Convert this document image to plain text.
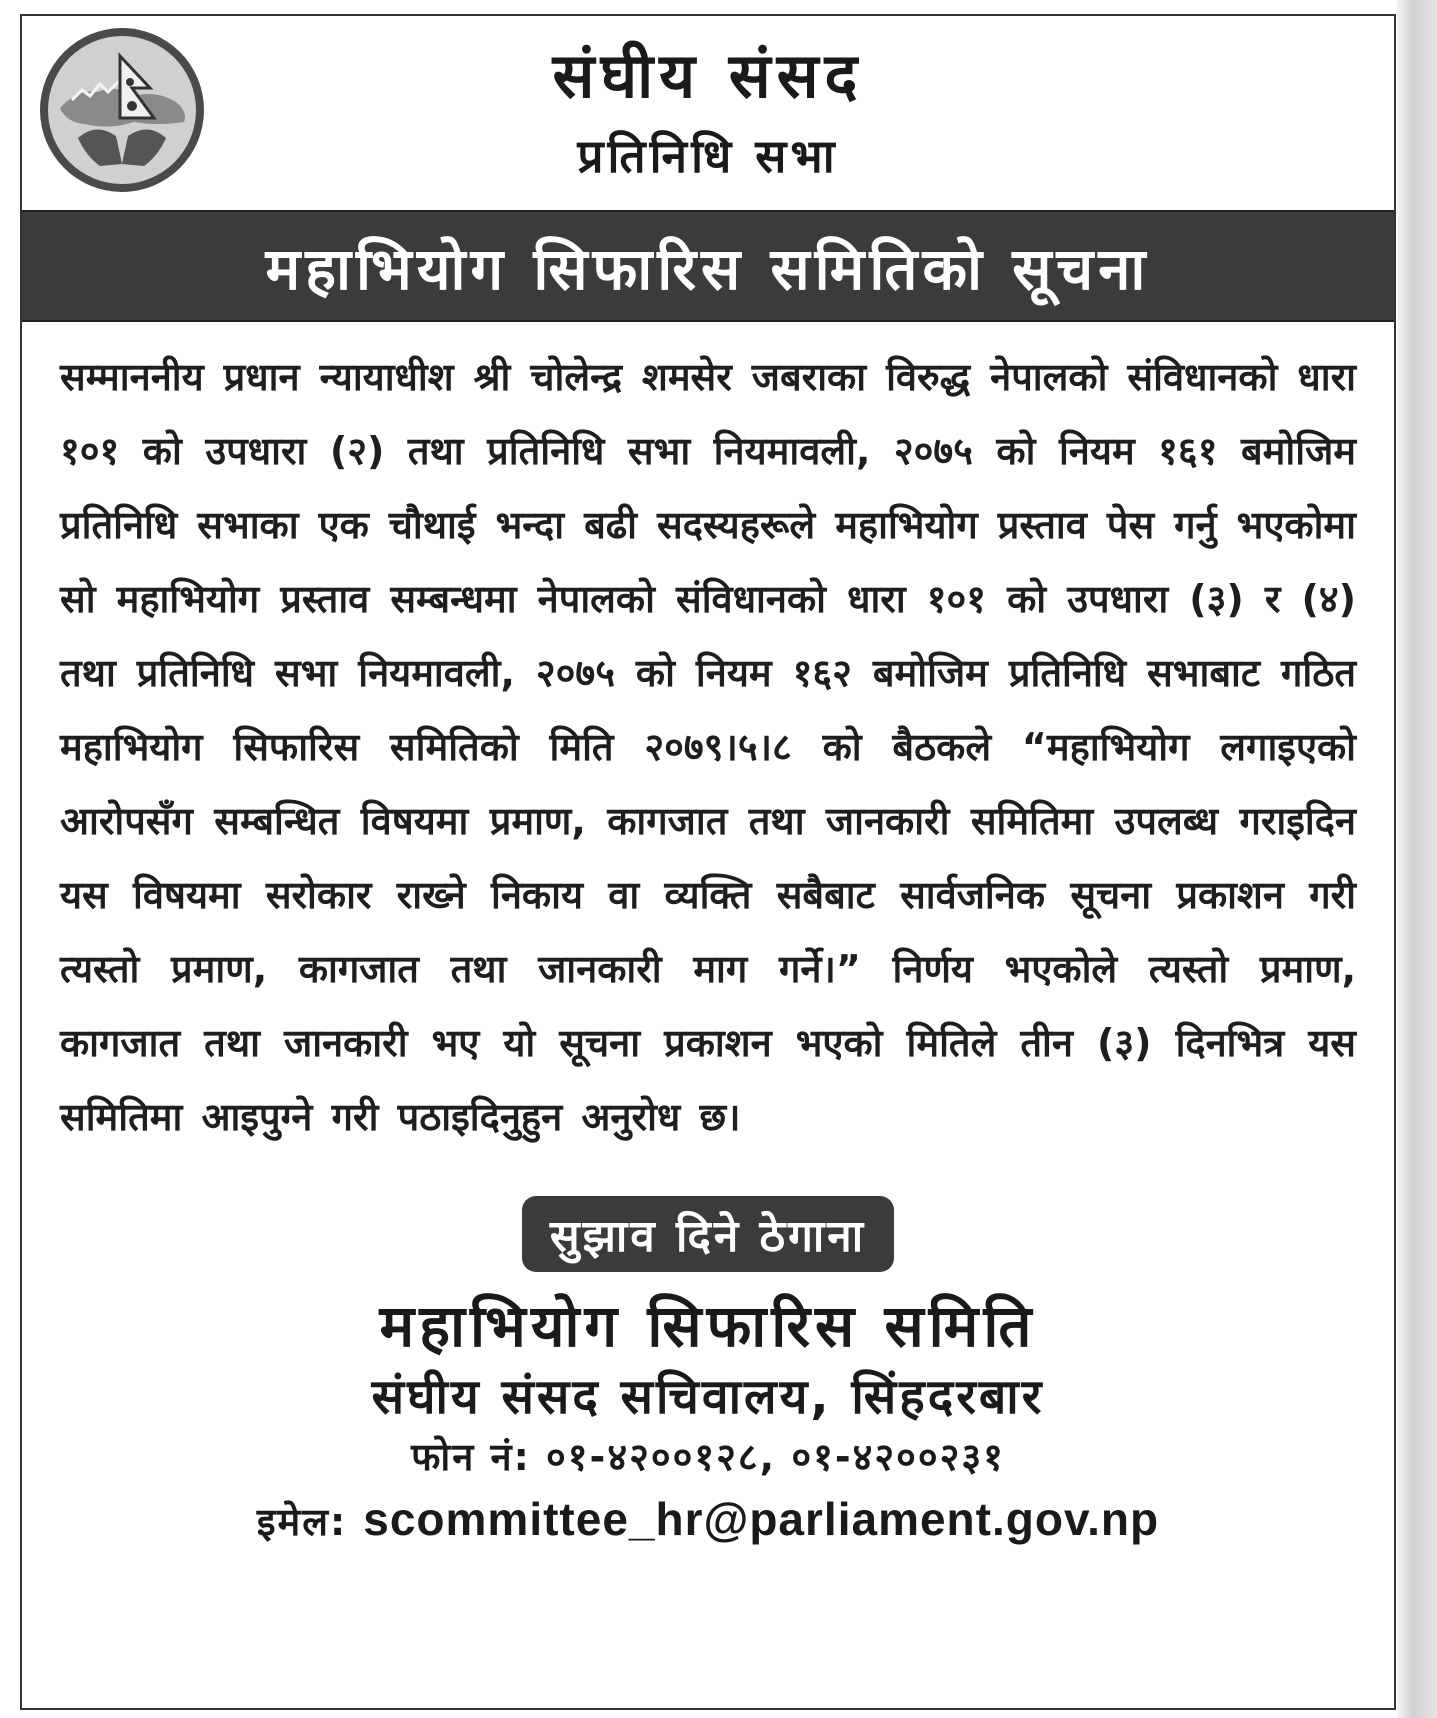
संघीय संसद
प्रतिनिधि सभा
महाभियोग सिफारिस समितिको सूचना
सम्माननीय प्रधान न्यायाधीश श्री चोलेन्द्र शमसेर जबराका विरुद्ध नेपालको संविधानको धारा १०१ को उपधारा (२) तथा प्रतिनिधि सभा नियमावली, २०७५ को नियम १६१ बमोजिम प्रतिनिधि सभाका एक चौथाई भन्दा बढी सदस्यहरूले महाभियोग प्रस्ताव पेस गर्नु भएकोमा सो महाभियोग प्रस्ताव सम्बन्धमा नेपालको संविधानको धारा १०१ को उपधारा (३) र (४) तथा प्रतिनिधि सभा नियमावली, २०७५ को नियम १६२ बमोजिम प्रतिनिधि सभाबाट गठित महाभियोग सिफारिस समितिको मिति २०७९।५।८ को बैठकले “महाभियोग लगाइएको आरोपसँग सम्बन्धित विषयमा प्रमाण, कागजात तथा जानकारी समितिमा उपलब्ध गराइदिन यस विषयमा सरोकार राख्ने निकाय वा व्यक्ति सबैबाट सार्वजनिक सूचना प्रकाशन गरी त्यस्तो प्रमाण, कागजात तथा जानकारी माग गर्ने।” निर्णय भएकोले त्यस्तो प्रमाण, कागजात तथा जानकारी भए यो सूचना प्रकाशन भएको मितिले तीन (३) दिनभित्र यस समितिमा आइपुग्ने गरी पठाइदिनुहुन अनुरोध छ।
सुझाव दिने ठेगाना
महाभियोग सिफारिस समिति
संघीय संसद सचिवालय, सिंहदरबार
फोन नं: ०१-४२००१२८, ०१-४२००२३१
इमेल: scommittee_hr@parliament.gov.np
